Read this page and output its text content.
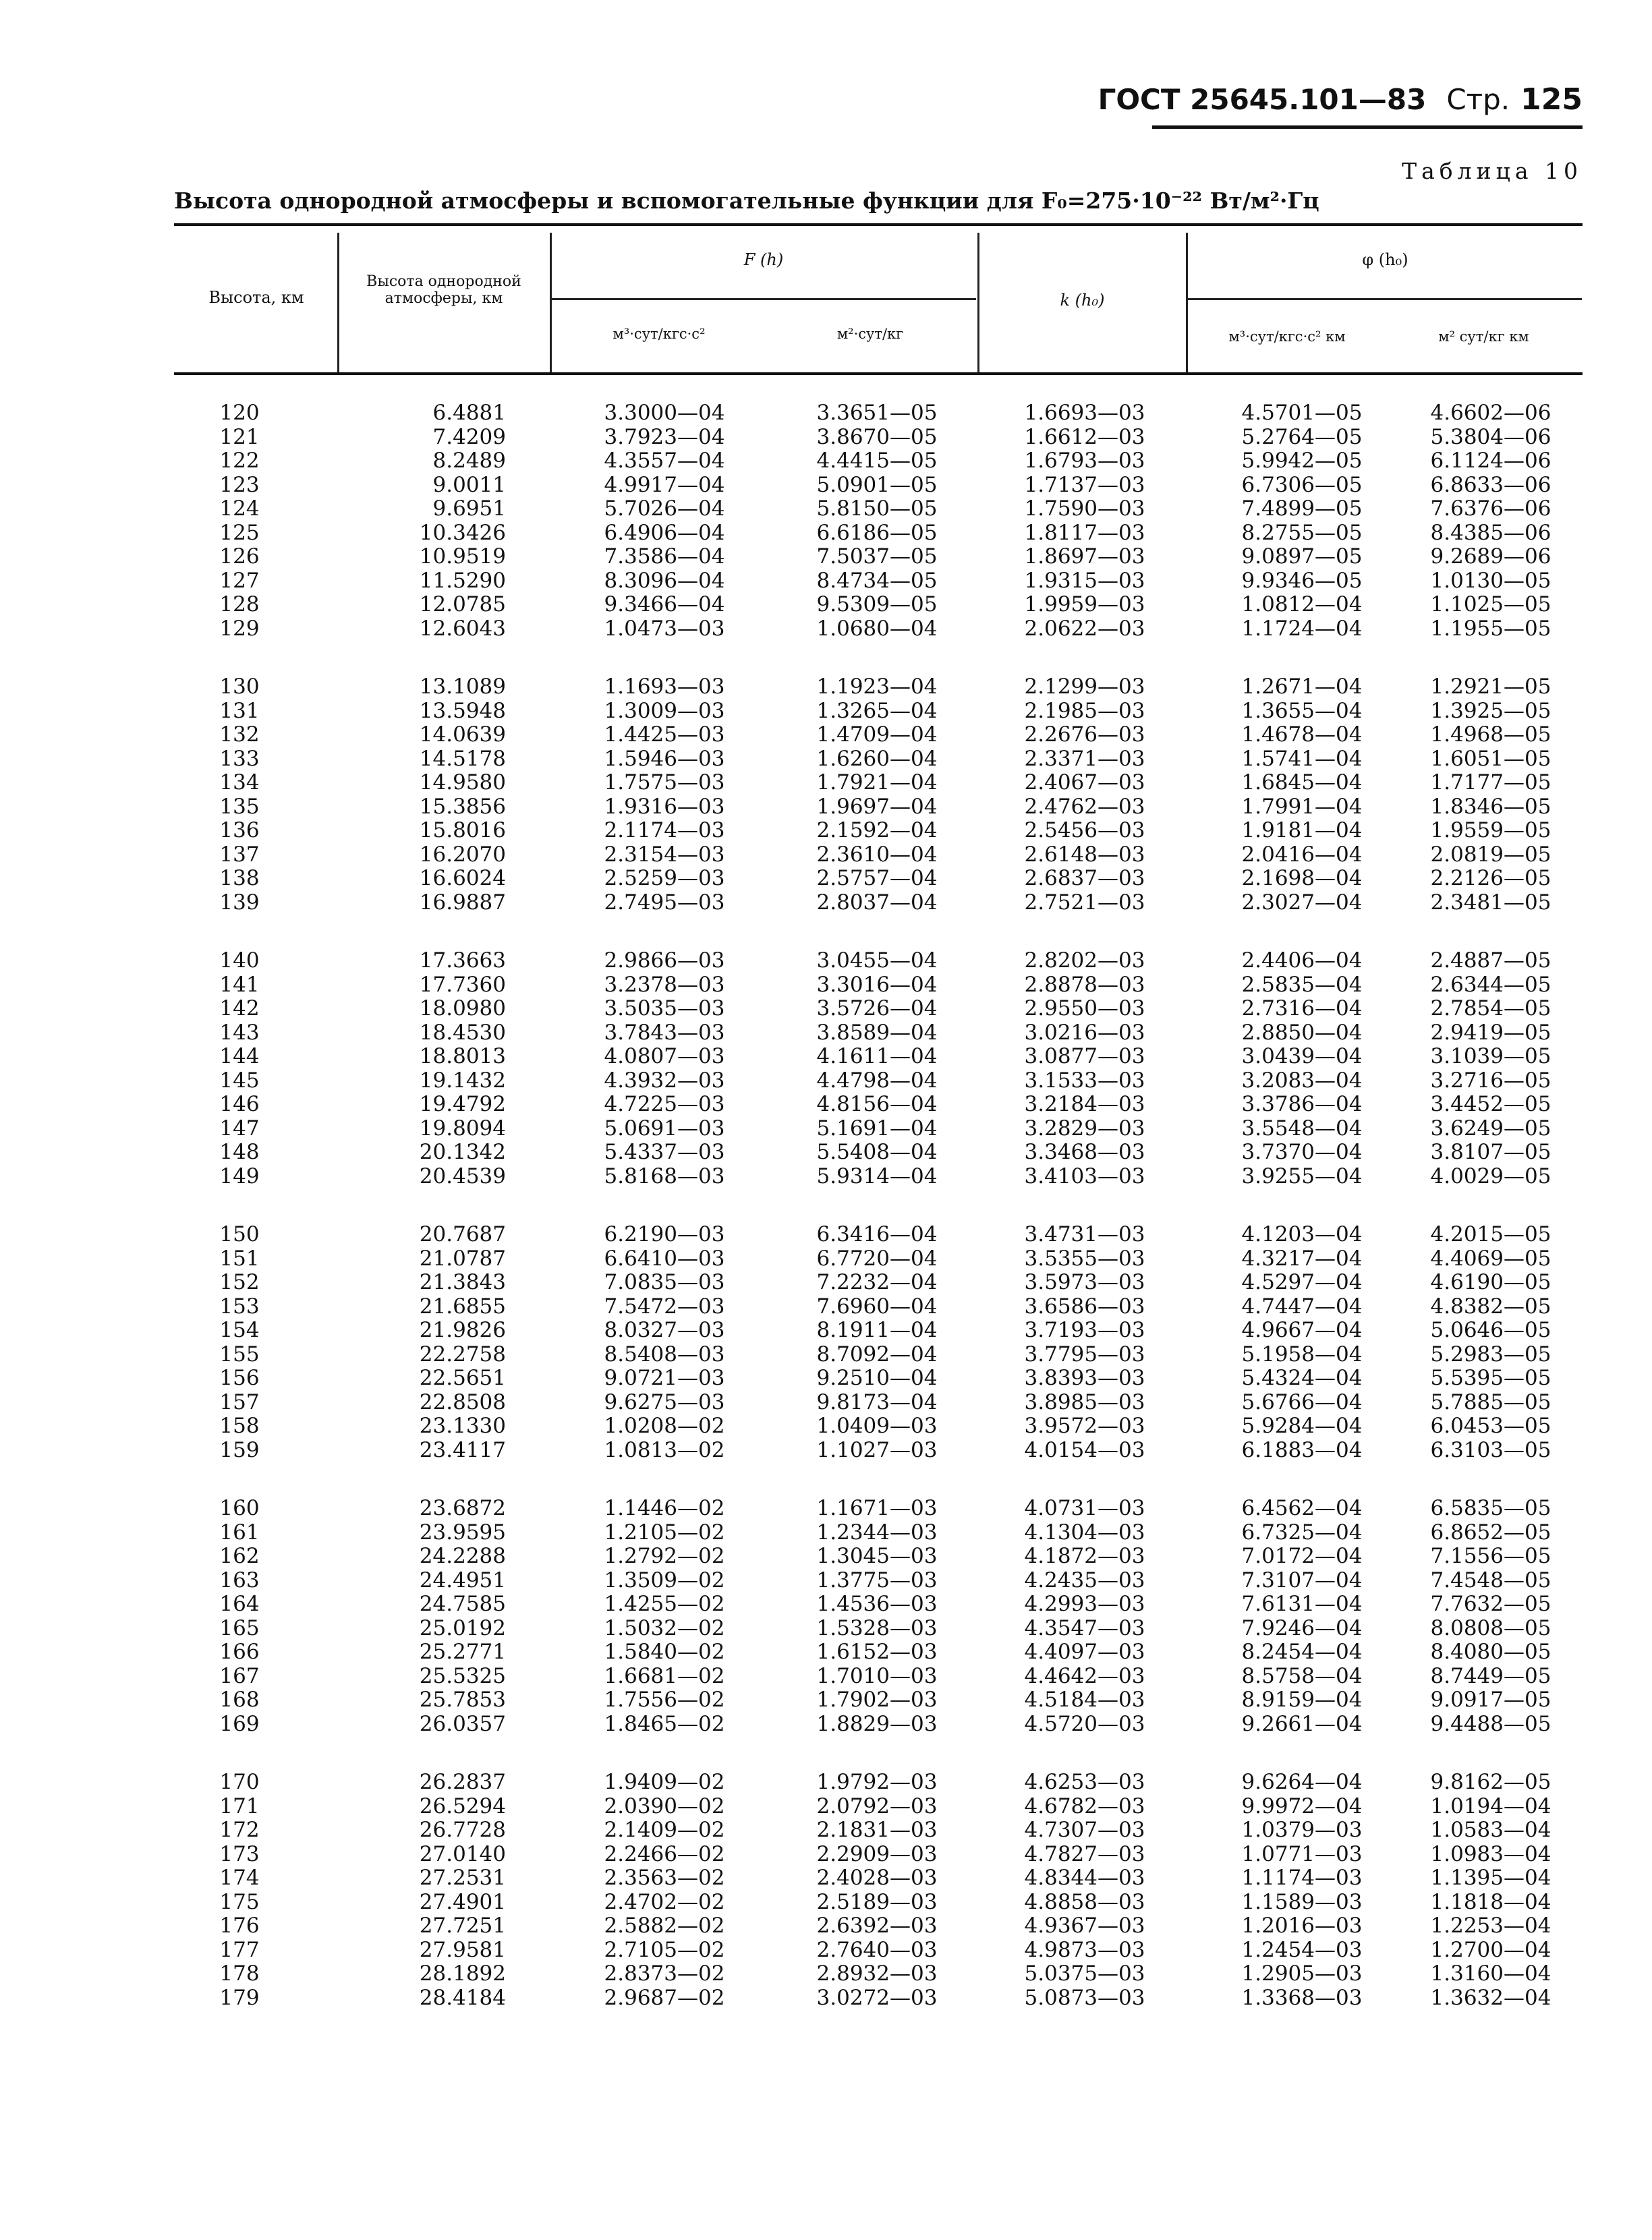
ГОСТ 25645.101—83 Стр. 125
Таблица 10
Высота однородной атмосферы и вспомогательные функции для F₀=275·10⁻²² Вт/м²·Гц
Высота, км
Высота однородной атмосферы, км
F (h)
k (h₀)
φ (h₀)
м³·сут/кгс·с²	м²·сут/кг	м³·сут/кгс·с² км	м² сут/кг км
120	6.4881	3.3000—04	3.3651—05	1.6693—03	4.5701—05	4.6602—06
121	7.4209	3.7923—04	3.8670—05	1.6612—03	5.2764—05	5.3804—06
122	8.2489	4.3557—04	4.4415—05	1.6793—03	5.9942—05	6.1124—06
123	9.0011	4.9917—04	5.0901—05	1.7137—03	6.7306—05	6.8633—06
124	9.6951	5.7026—04	5.8150—05	1.7590—03	7.4899—05	7.6376—06
125	10.3426	6.4906—04	6.6186—05	1.8117—03	8.2755—05	8.4385—06
126	10.9519	7.3586—04	7.5037—05	1.8697—03	9.0897—05	9.2689—06
127	11.5290	8.3096—04	8.4734—05	1.9315—03	9.9346—05	1.0130—05
128	12.0785	9.3466—04	9.5309—05	1.9959—03	1.0812—04	1.1025—05
129	12.6043	1.0473—03	1.0680—04	2.0622—03	1.1724—04	1.1955—05
130	13.1089	1.1693—03	1.1923—04	2.1299—03	1.2671—04	1.2921—05
131	13.5948	1.3009—03	1.3265—04	2.1985—03	1.3655—04	1.3925—05
132	14.0639	1.4425—03	1.4709—04	2.2676—03	1.4678—04	1.4968—05
133	14.5178	1.5946—03	1.6260—04	2.3371—03	1.5741—04	1.6051—05
134	14.9580	1.7575—03	1.7921—04	2.4067—03	1.6845—04	1.7177—05
135	15.3856	1.9316—03	1.9697—04	2.4762—03	1.7991—04	1.8346—05
136	15.8016	2.1174—03	2.1592—04	2.5456—03	1.9181—04	1.9559—05
137	16.2070	2.3154—03	2.3610—04	2.6148—03	2.0416—04	2.0819—05
138	16.6024	2.5259—03	2.5757—04	2.6837—03	2.1698—04	2.2126—05
139	16.9887	2.7495—03	2.8037—04	2.7521—03	2.3027—04	2.3481—05
140	17.3663	2.9866—03	3.0455—04	2.8202—03	2.4406—04	2.4887—05
141	17.7360	3.2378—03	3.3016—04	2.8878—03	2.5835—04	2.6344—05
142	18.0980	3.5035—03	3.5726—04	2.9550—03	2.7316—04	2.7854—05
143	18.4530	3.7843—03	3.8589—04	3.0216—03	2.8850—04	2.9419—05
144	18.8013	4.0807—03	4.1611—04	3.0877—03	3.0439—04	3.1039—05
145	19.1432	4.3932—03	4.4798—04	3.1533—03	3.2083—04	3.2716—05
146	19.4792	4.7225—03	4.8156—04	3.2184—03	3.3786—04	3.4452—05
147	19.8094	5.0691—03	5.1691—04	3.2829—03	3.5548—04	3.6249—05
148	20.1342	5.4337—03	5.5408—04	3.3468—03	3.7370—04	3.8107—05
149	20.4539	5.8168—03	5.9314—04	3.4103—03	3.9255—04	4.0029—05
150	20.7687	6.2190—03	6.3416—04	3.4731—03	4.1203—04	4.2015—05
151	21.0787	6.6410—03	6.7720—04	3.5355—03	4.3217—04	4.4069—05
152	21.3843	7.0835—03	7.2232—04	3.5973—03	4.5297—04	4.6190—05
153	21.6855	7.5472—03	7.6960—04	3.6586—03	4.7447—04	4.8382—05
154	21.9826	8.0327—03	8.1911—04	3.7193—03	4.9667—04	5.0646—05
155	22.2758	8.5408—03	8.7092—04	3.7795—03	5.1958—04	5.2983—05
156	22.5651	9.0721—03	9.2510—04	3.8393—03	5.4324—04	5.5395—05
157	22.8508	9.6275—03	9.8173—04	3.8985—03	5.6766—04	5.7885—05
158	23.1330	1.0208—02	1.0409—03	3.9572—03	5.9284—04	6.0453—05
159	23.4117	1.0813—02	1.1027—03	4.0154—03	6.1883—04	6.3103—05
160	23.6872	1.1446—02	1.1671—03	4.0731—03	6.4562—04	6.5835—05
161	23.9595	1.2105—02	1.2344—03	4.1304—03	6.7325—04	6.8652—05
162	24.2288	1.2792—02	1.3045—03	4.1872—03	7.0172—04	7.1556—05
163	24.4951	1.3509—02	1.3775—03	4.2435—03	7.3107—04	7.4548—05
164	24.7585	1.4255—02	1.4536—03	4.2993—03	7.6131—04	7.7632—05
165	25.0192	1.5032—02	1.5328—03	4.3547—03	7.9246—04	8.0808—05
166	25.2771	1.5840—02	1.6152—03	4.4097—03	8.2454—04	8.4080—05
167	25.5325	1.6681—02	1.7010—03	4.4642—03	8.5758—04	8.7449—05
168	25.7853	1.7556—02	1.7902—03	4.5184—03	8.9159—04	9.0917—05
169	26.0357	1.8465—02	1.8829—03	4.5720—03	9.2661—04	9.4488—05
170	26.2837	1.9409—02	1.9792—03	4.6253—03	9.6264—04	9.8162—05
171	26.5294	2.0390—02	2.0792—03	4.6782—03	9.9972—04	1.0194—04
172	26.7728	2.1409—02	2.1831—03	4.7307—03	1.0379—03	1.0583—04
173	27.0140	2.2466—02	2.2909—03	4.7827—03	1.0771—03	1.0983—04
174	27.2531	2.3563—02	2.4028—03	4.8344—03	1.1174—03	1.1395—04
175	27.4901	2.4702—02	2.5189—03	4.8858—03	1.1589—03	1.1818—04
176	27.7251	2.5882—02	2.6392—03	4.9367—03	1.2016—03	1.2253—04
177	27.9581	2.7105—02	2.7640—03	4.9873—03	1.2454—03	1.2700—04
178	28.1892	2.8373—02	2.8932—03	5.0375—03	1.2905—03	1.3160—04
179	28.4184	2.9687—02	3.0272—03	5.0873—03	1.3368—03	1.3632—04
